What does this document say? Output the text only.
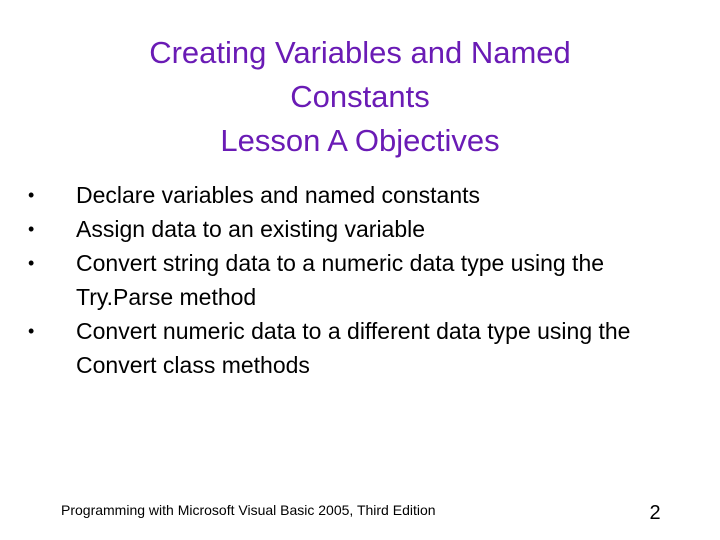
Creating Variables and Named
Constants
Lesson A Objectives
•	Declare variables and named constants
•	Assign data to an existing variable
•	Convert string data to a numeric data type using the Try.Parse method
•	Convert numeric data to a different data type using the Convert class methods
Programming with Microsoft Visual Basic 2005, Third Edition	2
